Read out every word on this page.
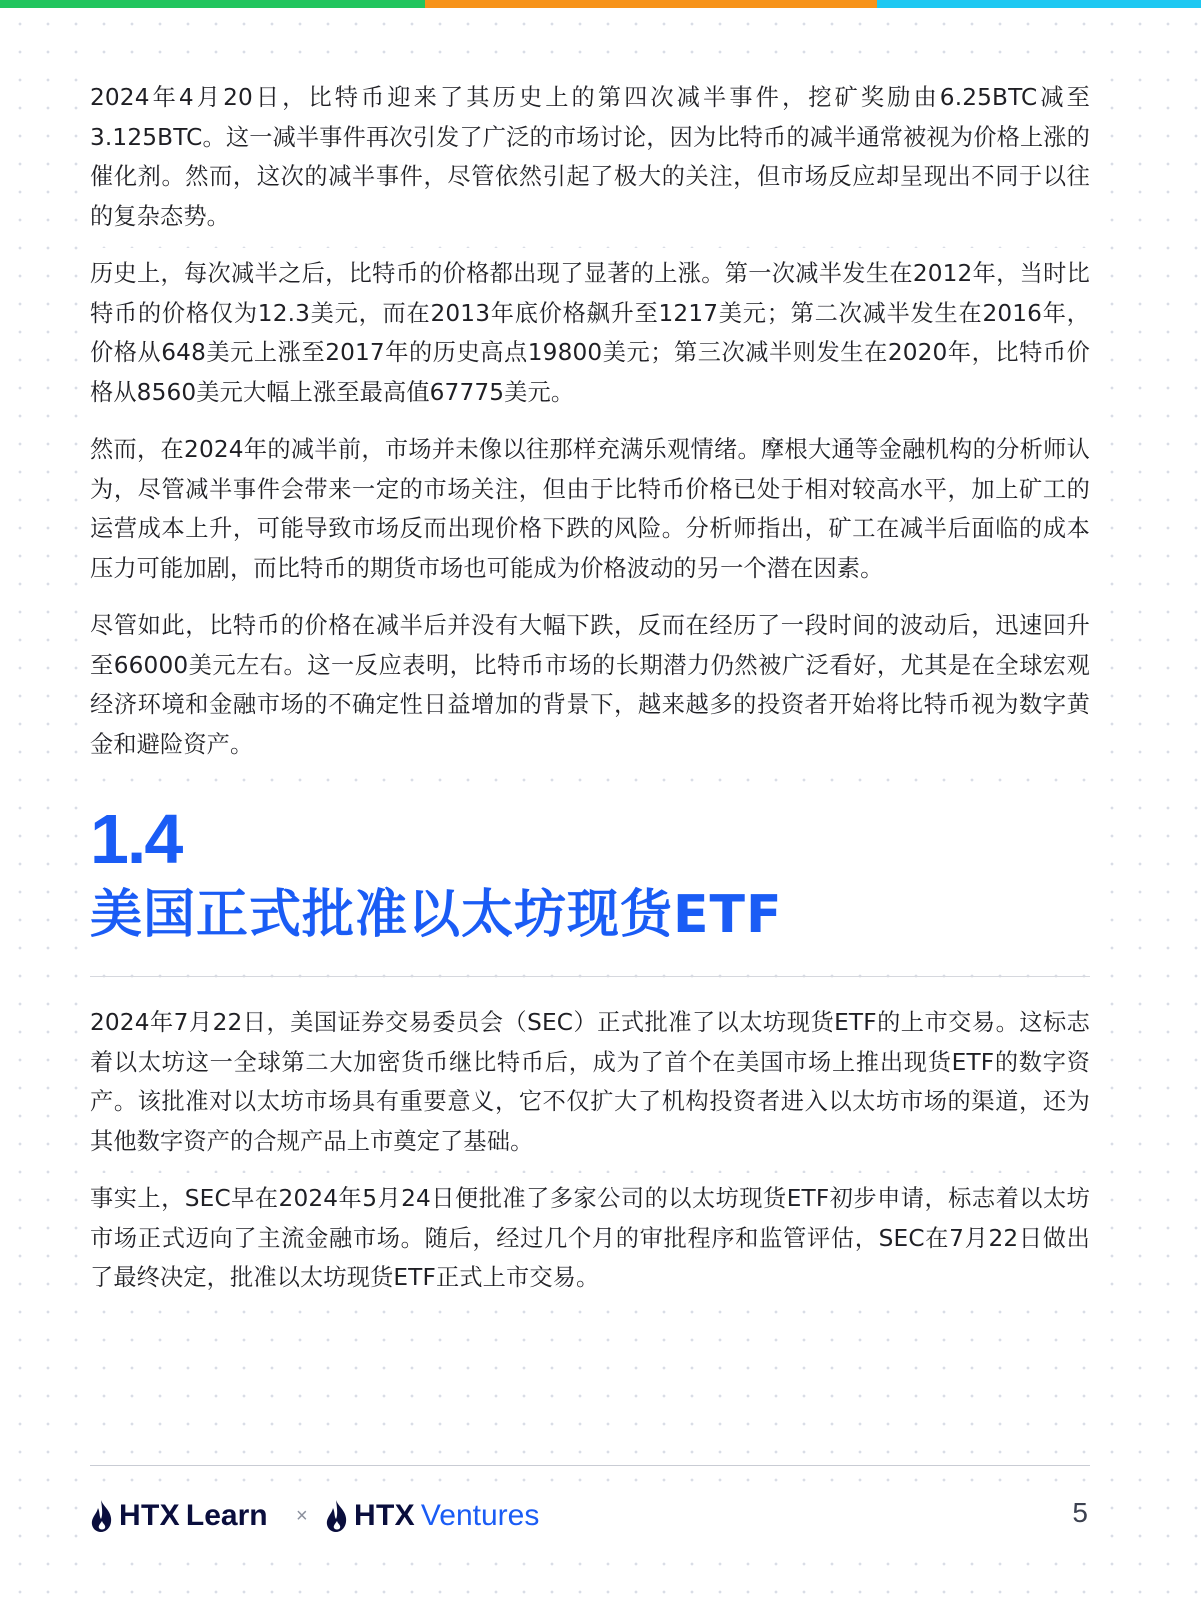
2024年4月20日，比特币迎来了其历史上的第四次减半事件，挖矿奖励由6.25BTC减至3.125BTC。这一减半事件再次引发了广泛的市场讨论，因为比特币的减半通常被视为价格上涨的催化剂。然而，这次的减半事件，尽管依然引起了极大的关注，但市场反应却呈现出不同于以往的复杂态势。

历史上，每次减半之后，比特币的价格都出现了显著的上涨。第一次减半发生在2012年，当时比特币的价格仅为12.3美元，而在2013年底价格飙升至1217美元；第二次减半发生在2016年，价格从648美元上涨至2017年的历史高点19800美元；第三次减半则发生在2020年，比特币价格从8560美元大幅上涨至最高值67775美元。

然而，在2024年的减半前，市场并未像以往那样充满乐观情绪。摩根大通等金融机构的分析师认为，尽管减半事件会带来一定的市场关注，但由于比特币价格已处于相对较高水平，加上矿工的运营成本上升，可能导致市场反而出现价格下跌的风险。分析师指出，矿工在减半后面临的成本压力可能加剧，而比特币的期货市场也可能成为价格波动的另一个潜在因素。

尽管如此，比特币的价格在减半后并没有大幅下跌，反而在经历了一段时间的波动后，迅速回升至66000美元左右。这一反应表明，比特币市场的长期潜力仍然被广泛看好，尤其是在全球宏观经济环境和金融市场的不确定性日益增加的背景下，越来越多的投资者开始将比特币视为数字黄金和避险资产。

1.4
美国正式批准以太坊现货ETF

2024年7月22日，美国证券交易委员会（SEC）正式批准了以太坊现货ETF的上市交易。这标志着以太坊这一全球第二大加密货币继比特币后，成为了首个在美国市场上推出现货ETF的数字资产。该批准对以太坊市场具有重要意义，它不仅扩大了机构投资者进入以太坊市场的渠道，还为其他数字资产的合规产品上市奠定了基础。

事实上，SEC早在2024年5月24日便批准了多家公司的以太坊现货ETF初步申请，标志着以太坊市场正式迈向了主流金融市场。随后，经过几个月的审批程序和监管评估，SEC在7月22日做出了最终决定，批准以太坊现货ETF正式上市交易。

HTX Learn × HTX Ventures	5
